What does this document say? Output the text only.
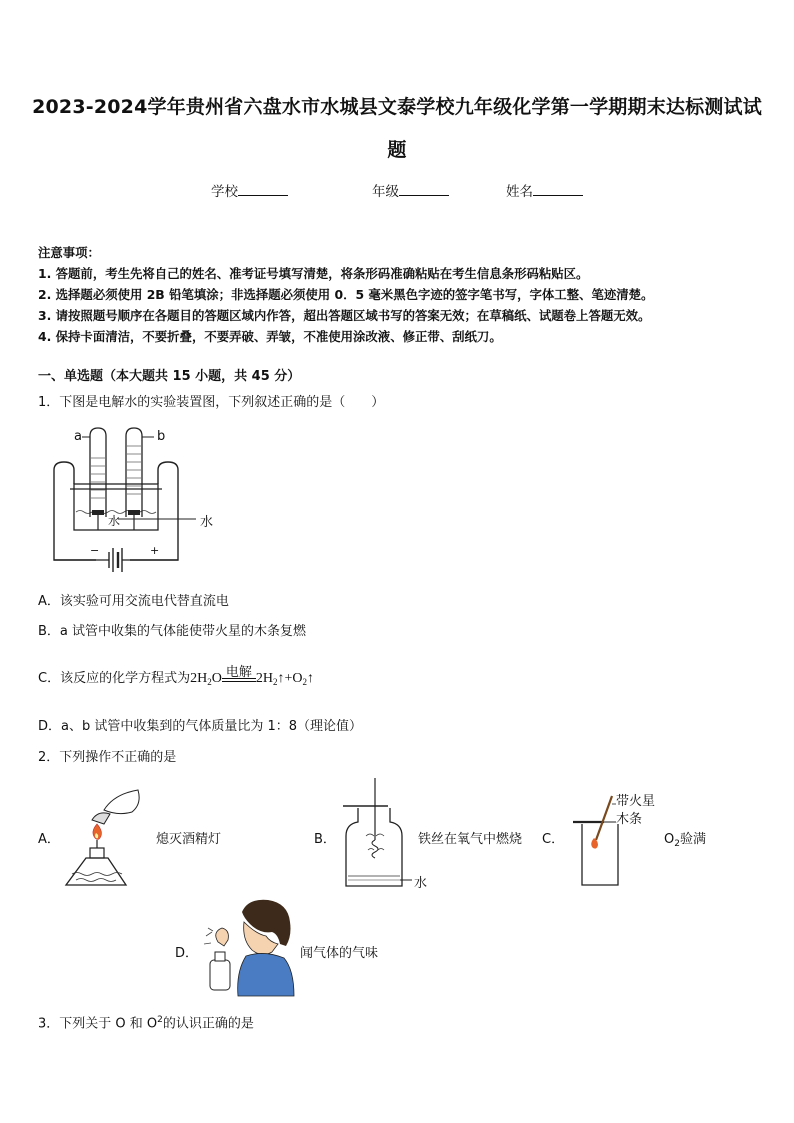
2023-2024学年贵州省六盘水市水城县文泰学校九年级化学第一学期期末达标测试试
题
学校	年级	姓名
注意事项：
1. 答题前，考生先将自己的姓名、准考证号填写清楚，将条形码准确粘贴在考生信息条形码粘贴区。
2. 选择题必须使用 2B 铅笔填涂；非选择题必须使用 0．5 毫米黑色字迹的签字笔书写，字体工整、笔迹清楚。
3. 请按照题号顺序在各题目的答题区域内作答，超出答题区域书写的答案无效；在草稿纸、试题卷上答题无效。
4. 保持卡面清洁，不要折叠，不要弄破、弄皱，不准使用涂改液、修正带、刮纸刀。
一、单选题（本大题共 15 小题，共 45 分）
1．下图是电解水的实验装置图，下列叙述正确的是（　　）
a	b
水	水
−	+
A．该实验可用交流电代替直流电
B．a 试管中收集的气体能使带火星的木条复燃
C．该反应的化学方程式为$2H_2O$ 电解 $2H_2↑+O_2↑$
D．a、b 试管中收集到的气体质量比为 1：8（理论值）
2．下列操作不正确的是
A．	熄灭酒精灯	B．
水
铁丝在氧气中燃烧 C．
带火星
木条
$O_2$验满
D．	闻气体的气味
3．下列关于 O 和 $O^2$的认识正确的是
